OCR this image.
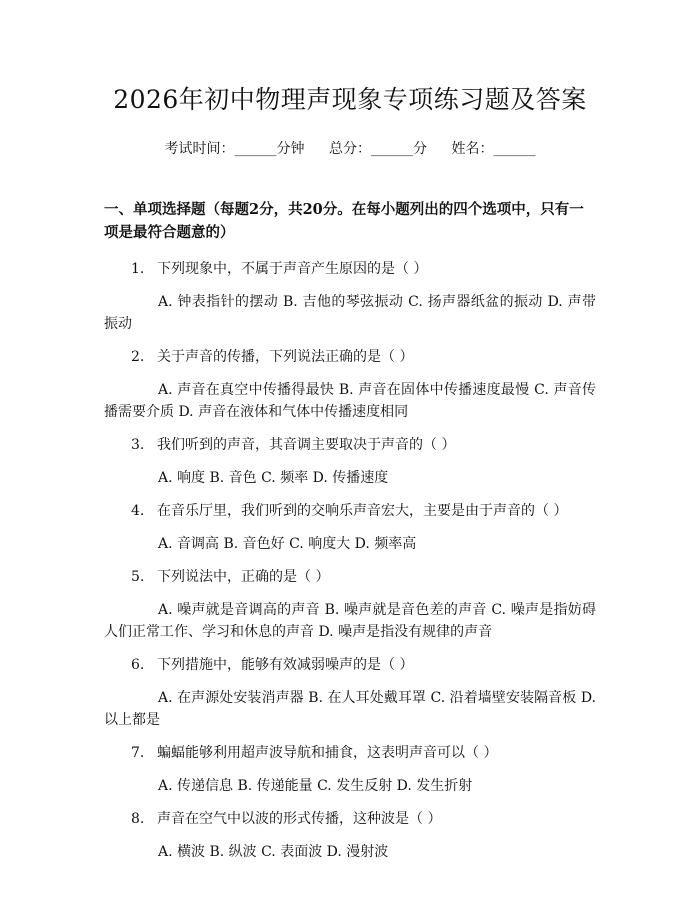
2026年初中物理声现象专项练习题及答案
考试时间：______分钟 总分：______分 姓名：______
一、单项选择题（每题2分，共20分。在每小题列出的四个选项中，只有一项是最符合题意的）
1. 下列现象中，不属于声音产生原因的是（ ）
A. 钟表指针的摆动 B. 吉他的琴弦振动 C. 扬声器纸盆的振动 D. 声带振动
2. 关于声音的传播，下列说法正确的是（ ）
A. 声音在真空中传播得最快 B. 声音在固体中传播速度最慢 C. 声音传播需要介质 D. 声音在液体和气体中传播速度相同
3. 我们听到的声音，其音调主要取决于声音的（ ）
A. 响度 B. 音色 C. 频率 D. 传播速度
4. 在音乐厅里，我们听到的交响乐声音宏大，主要是由于声音的（ ）
A. 音调高 B. 音色好 C. 响度大 D. 频率高
5. 下列说法中，正确的是（ ）
A. 噪声就是音调高的声音 B. 噪声就是音色差的声音 C. 噪声是指妨碍人们正常工作、学习和休息的声音 D. 噪声是指没有规律的声音
6. 下列措施中，能够有效减弱噪声的是（ ）
A. 在声源处安装消声器 B. 在人耳处戴耳罩 C. 沿着墙壁安装隔音板 D. 以上都是
7. 蝙蝠能够利用超声波导航和捕食，这表明声音可以（ ）
A. 传递信息 B. 传递能量 C. 发生反射 D. 发生折射
8. 声音在空气中以波的形式传播，这种波是（ ）
A. 横波 B. 纵波 C. 表面波 D. 漫射波
